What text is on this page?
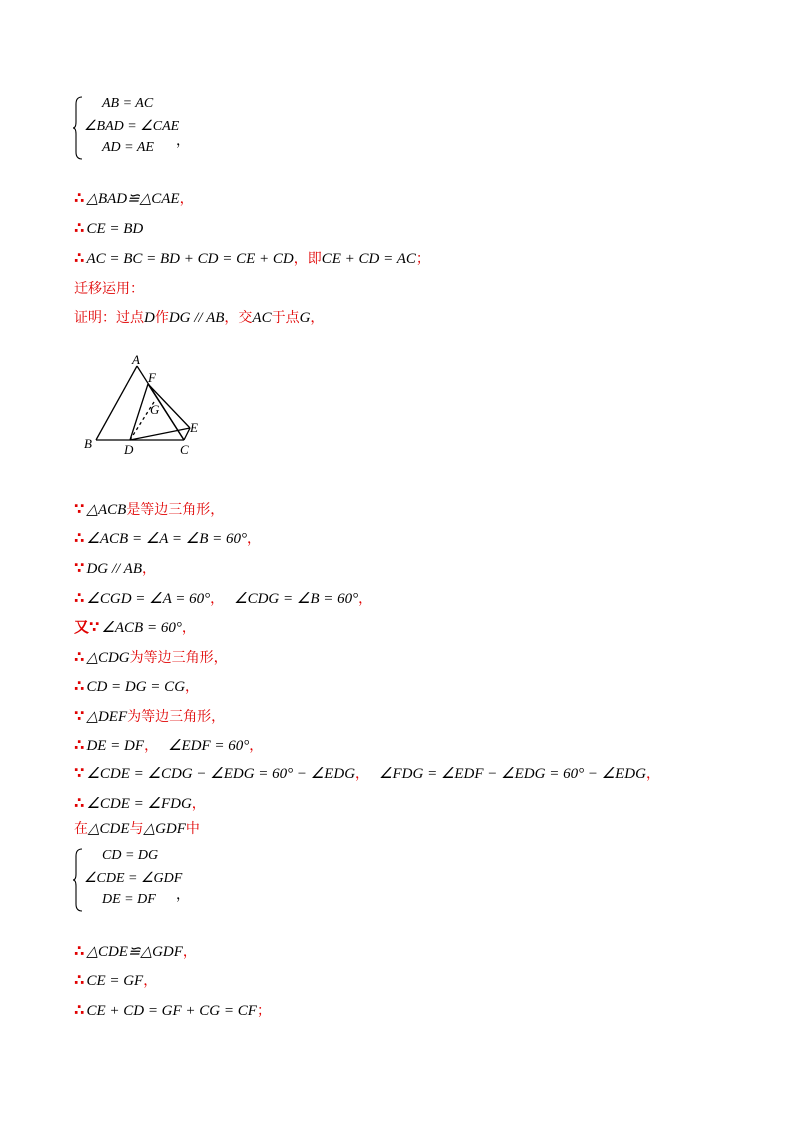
AB = AC
∠BAD = ∠CAE
AD = AE ，
∴ △BAD≌△CAE，
∴ CE = BD
∴ AC = BC = BD + CD = CE + CD，即CE + CD = AC；
迁移运用：
证明：过点D作DG // AB，交AC于点G，
A
B	C
D
E
F
G
∵ △ACB是等边三角形，
∴ ∠ACB = ∠A = ∠B = 60°，
∵ DG // AB，
∴ ∠CGD = ∠A = 60°， ∠CDG = ∠B = 60°，
又∵ ∠ACB = 60°，
∴ △CDG为等边三角形，
∴ CD = DG = CG，
∵ △DEF为等边三角形，
∴ DE = DF， ∠EDF = 60°，
∵ ∠CDE = ∠CDG − ∠EDG = 60° − ∠EDG， ∠FDG = ∠EDF − ∠EDG = 60° − ∠EDG，
∴ ∠CDE = ∠FDG，
在△CDE与△GDF中
CD = DG
∠CDE = ∠GDF
DE = DF ，
∴ △CDE≌△GDF，
∴ CE = GF，
∴ CE + CD = GF + CG = CF；
